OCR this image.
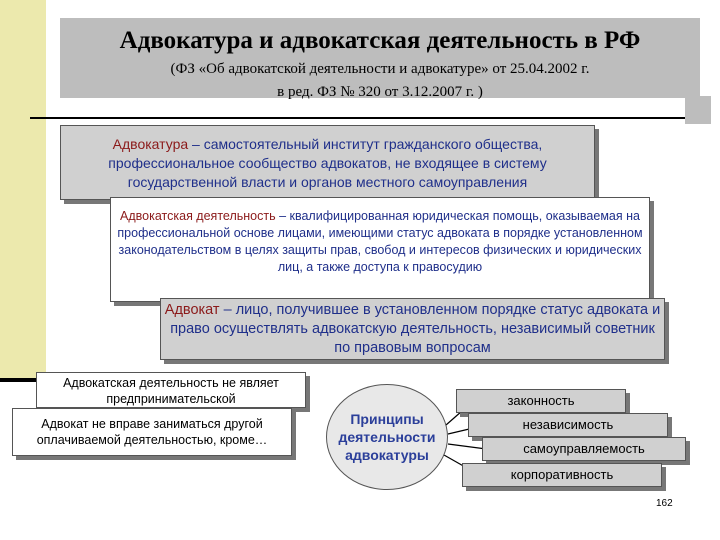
Адвокатура и адвокатская деятельность в РФ
(ФЗ «Об адвокатской деятельности и адвокатуре» от 25.04.2002 г.
в ред. ФЗ № 320 от 3.12.2007 г. )
Адвокатура – самостоятельный институт гражданского общества, профессиональное сообщество адвокатов, не входящее в систему государственной власти и органов местного самоуправления
Адвокатская деятельность – квалифицированная юридическая помощь, оказываемая на профессиональной основе лицами, имеющими статус адвоката в порядке установленном законодательством в целях защиты прав, свобод и интересов физических и юридических лиц, а также доступа к правосудию
Адвокат – лицо, получившее в установленном порядке статус адвоката и право осуществлять адвокатскую деятельность, независимый советник по правовым вопросам
Адвокатская деятельность не являет предпринимательской
Адвокат не вправе заниматься другой оплачиваемой деятельностью, кроме…
Принципы деятельности адвокатуры
законность
независимость
самоуправляемость
корпоративность
162
